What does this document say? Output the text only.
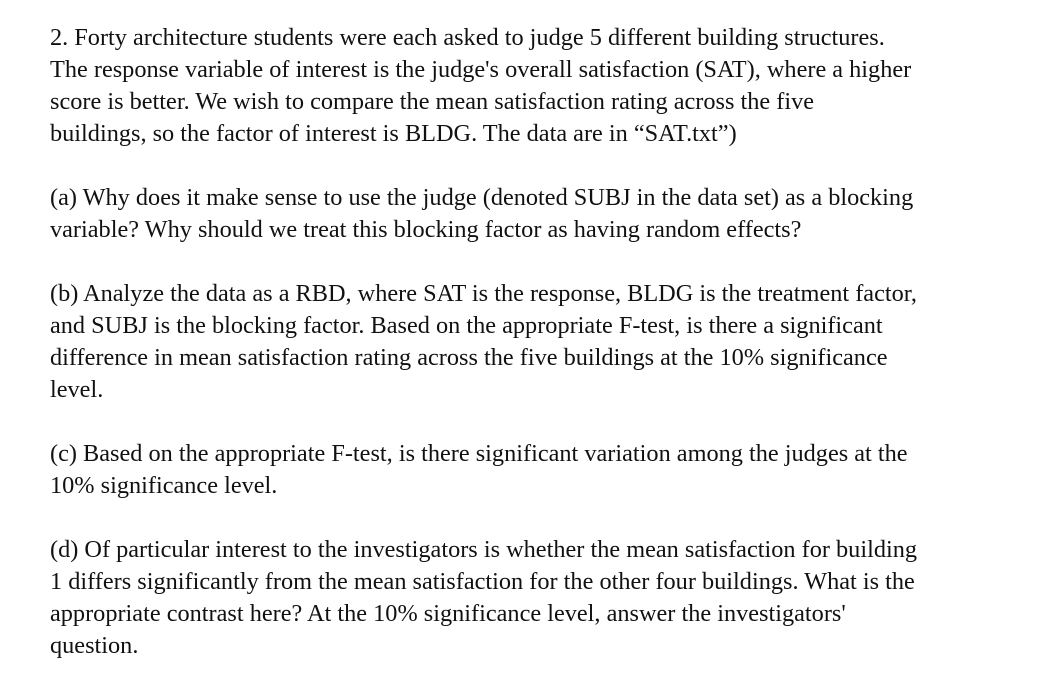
2. Forty architecture students were each asked to judge 5 different building structures.
The response variable of interest is the judge's overall satisfaction (SAT), where a higher
score is better. We wish to compare the mean satisfaction rating across the five
buildings, so the factor of interest is BLDG. The data are in “SAT.txt”)

(a) Why does it make sense to use the judge (denoted SUBJ in the data set) as a blocking
variable? Why should we treat this blocking factor as having random effects?

(b) Analyze the data as a RBD, where SAT is the response, BLDG is the treatment factor,
and SUBJ is the blocking factor. Based on the appropriate F-test, is there a significant
difference in mean satisfaction rating across the five buildings at the 10% significance
level.

(c) Based on the appropriate F-test, is there significant variation among the judges at the
10% significance level.

(d) Of particular interest to the investigators is whether the mean satisfaction for building
1 differs significantly from the mean satisfaction for the other four buildings. What is the
appropriate contrast here? At the 10% significance level, answer the investigators'
question.
